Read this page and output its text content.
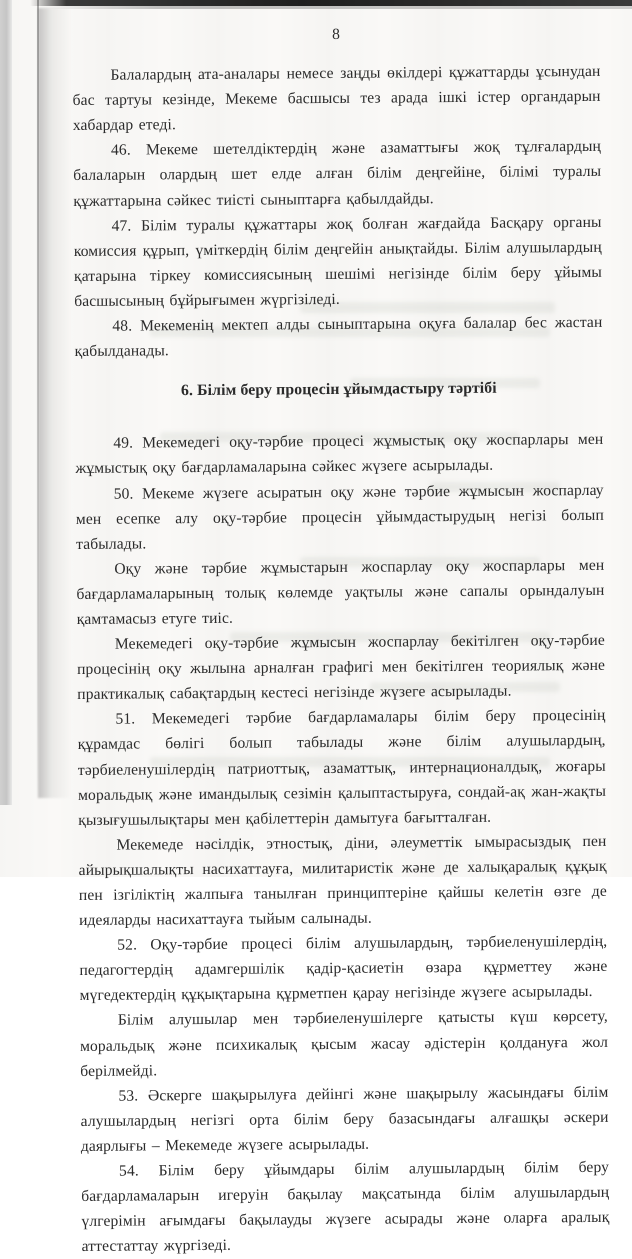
8

Балалардың ата-аналары немесе заңды өкілдері құжаттарды ұсынудан бас тартуы кезінде, Мекеме басшысы тез арада ішкі істер органдарын хабардар етеді.

46. Мекеме шетелдіктердің және азаматтығы жоқ тұлғалардың балаларын олардың шет елде алған білім деңгейіне, білімі туралы құжаттарына сәйкес тиісті сыныптарға қабылдайды.

47. Білім туралы құжаттары жоқ болған жағдайда Басқару органы комиссия құрып, үміткердің білім деңгейін анықтайды. Білім алушылардың қатарына тіркеу комиссиясының шешімі негізінде білім беру ұйымы басшысының бұйрығымен жүргізіледі.

48. Мекеменің мектеп алды сыныптарына оқуға балалар бес жастан қабылданады.

6. Білім беру процесін ұйымдастыру тәртібі

49. Мекемедегі оқу-тәрбие процесі жұмыстық оқу жоспарлары мен жұмыстық оқу бағдарламаларына сәйкес жүзеге асырылады.

50. Мекеме жүзеге асыратын оқу және тәрбие жұмысын жоспарлау мен есепке алу оқу-тәрбие процесін ұйымдастырудың негізі болып табылады.

Оқу және тәрбие жұмыстарын жоспарлау оқу жоспарлары мен бағдарламаларының толық көлемде уақтылы және сапалы орындалуын қамтамасыз етуге тиіс.

Мекемедегі оқу-тәрбие жұмысын жоспарлау бекітілген оқу-тәрбие процесінің оқу жылына арналған графигі мен бекітілген теориялық және практикалық сабақтардың кестесі негізінде жүзеге асырылады.

51. Мекемедегі тәрбие бағдарламалары білім беру процесінің құрамдас бөлігі болып табылады және білім алушылардың, тәрбиеленушілердің патриоттық, азаматтық, интернационалдық, жоғары моральдық және имандылық сезімін қалыптастыруға, сондай-ақ жан-жақты қызығушылықтары мен қабілеттерін дамытуға бағытталған.

Мекемеде нәсілдік, этностық, діни, әлеуметтік ымырасыздық пен айырықшалықты насихаттауға, милитаристік және де халықаралық құқық пен ізгіліктің жалпыға танылған принциптеріне қайшы келетін өзге де идеяларды насихаттауға тыйым салынады.

52. Оқу-тәрбие процесі білім алушылардың, тәрбиеленушілердің, педагогтердің адамгершілік қадір-қасиетін өзара құрметтеу және мүгедектердің құқықтарына құрметпен қарау негізінде жүзеге асырылады.

Білім алушылар мен тәрбиеленушілерге қатысты күш көрсету, моральдық және психикалық қысым жасау әдістерін қолдануға жол берілмейді.

53. Әскерге шақырылуға дейінгі және шақырылу жасындағы білім алушылардың негізгі орта білім беру базасындағы алғашқы әскери даярлығы – Мекемеде жүзеге асырылады.

54. Білім беру ұйымдары білім алушылардың білім беру бағдарламаларын игеруін бақылау мақсатында білім алушылардың үлгерімін ағымдағы бақылауды жүзеге асырады және оларға аралық аттестаттау жүргізеді.
